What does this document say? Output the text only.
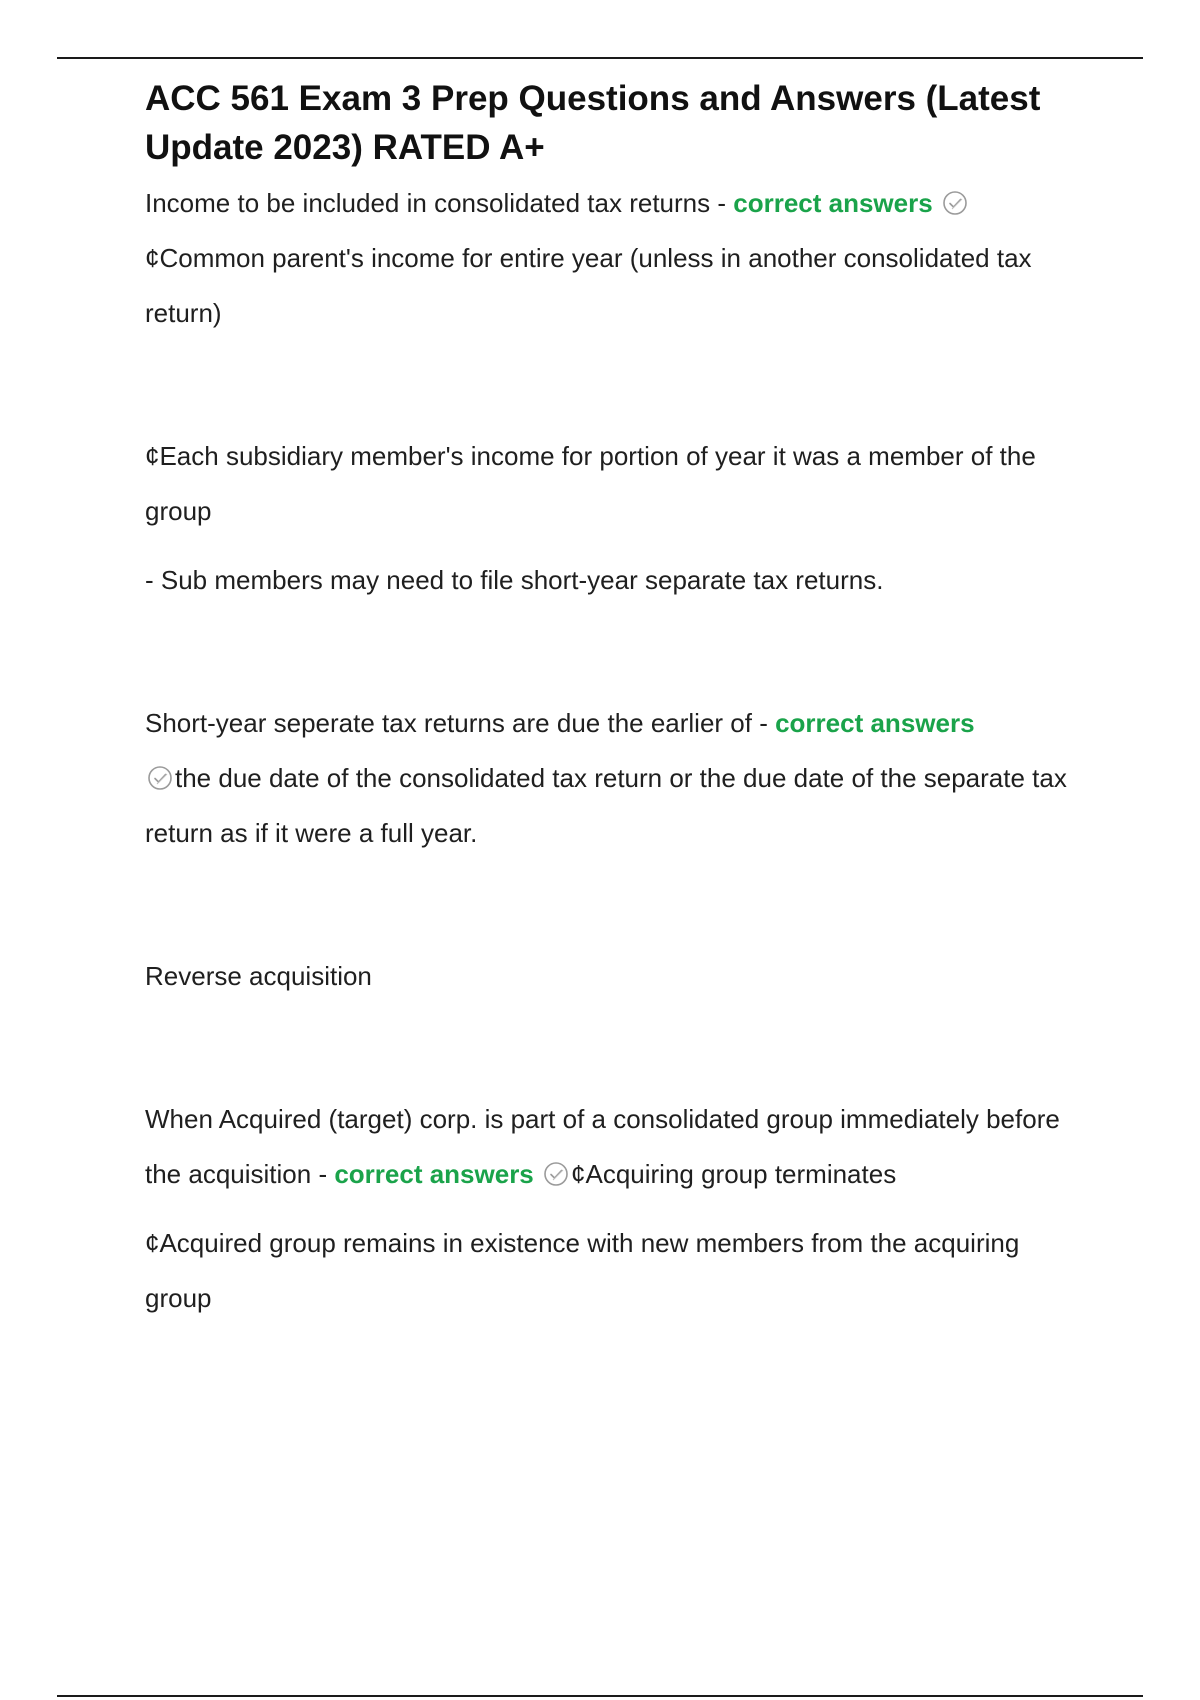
ACC 561 Exam 3 Prep Questions and Answers (Latest Update 2023) RATED A+

Income to be included in consolidated tax returns - correct answers

¢Common parent's income for entire year (unless in another consolidated tax return)

¢Each subsidiary member's income for portion of year it was a member of the group

- Sub members may need to file short-year separate tax returns.

Short-year seperate tax returns are due the earlier of - correct answers

the due date of the consolidated tax return or the due date of the separate tax return as if it were a full year.

Reverse acquisition

When Acquired (target) corp. is part of a consolidated group immediately before the acquisition - correct answers ¢Acquiring group terminates

¢Acquired group remains in existence with new members from the acquiring group
